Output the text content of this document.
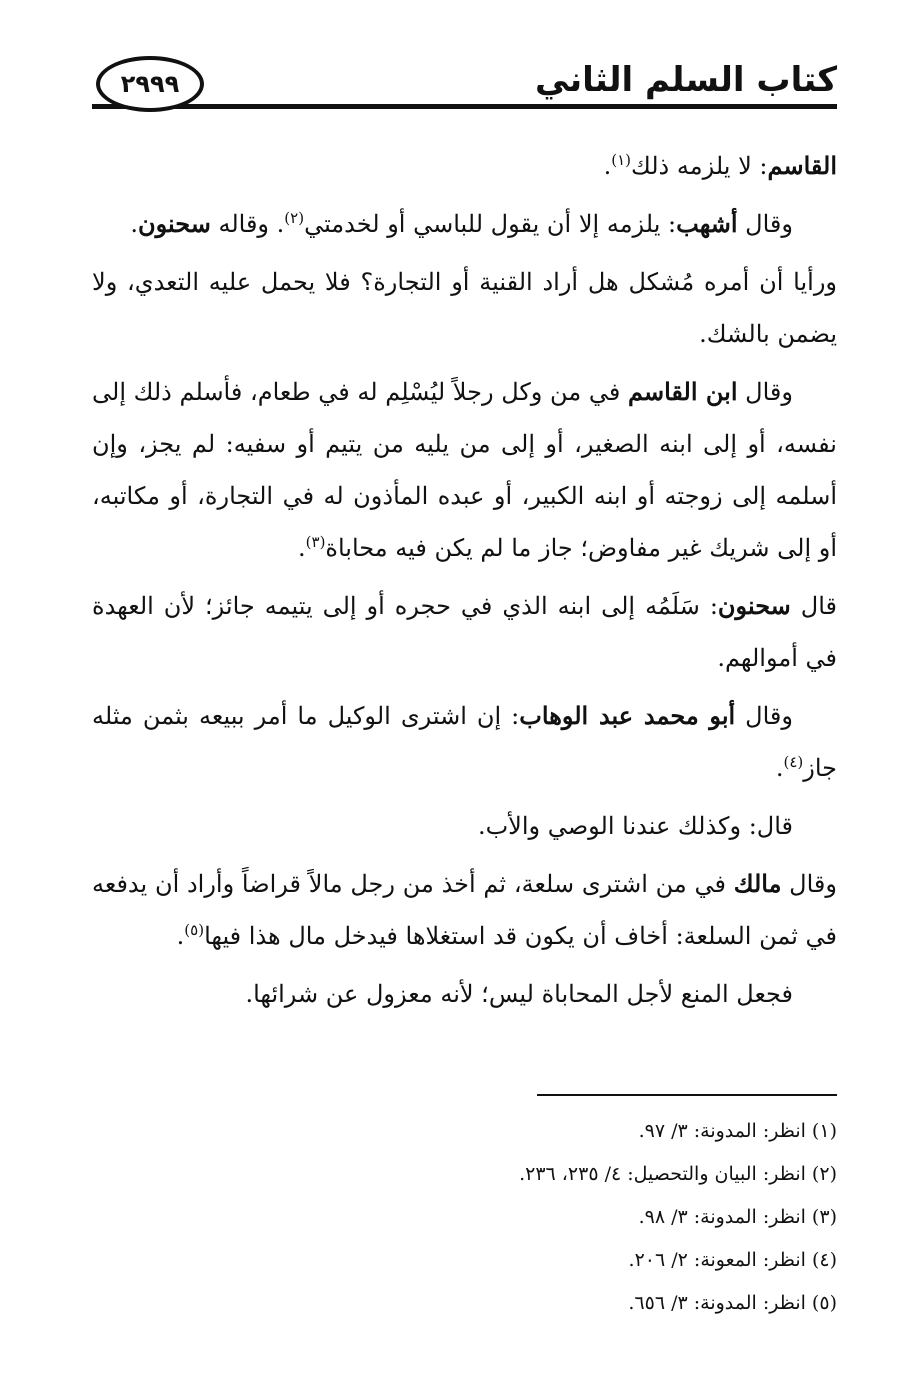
كتاب السلم الثاني
٢٩٩٩

القاسم: لا يلزمه ذلك$^{(١)}$.

وقال أشهب: يلزمه إلا أن يقول للباسي أو لخدمتي$^{(٢)}$. وقاله سحنون.

ورأيا أن أمره مُشكل هل أراد القنية أو التجارة؟ فلا يحمل عليه التعدي، ولا يضمن بالشك.

وقال ابن القاسم في من وكل رجلاً ليُسْلِم له في طعام، فأسلم ذلك إلى نفسه، أو إلى ابنه الصغير، أو إلى من يليه من يتيم أو سفيه: لم يجز، وإن أسلمه إلى زوجته أو ابنه الكبير، أو عبده المأذون له في التجارة، أو مكاتبه، أو إلى شريك غير مفاوض؛ جاز ما لم يكن فيه محاباة$^{(٣)}$.

قال سحنون: سَلَمُه إلى ابنه الذي في حجره أو إلى يتيمه جائز؛ لأن العهدة في أموالهم.

وقال أبو محمد عبد الوهاب: إن اشترى الوكيل ما أمر ببيعه بثمن مثله جاز$^{(٤)}$.

قال: وكذلك عندنا الوصي والأب.

وقال مالك في من اشترى سلعة، ثم أخذ من رجل مالاً قراضاً وأراد أن يدفعه في ثمن السلعة: أخاف أن يكون قد استغلاها فيدخل مال هذا فيها$^{(٥)}$.

فجعل المنع لأجل المحاباة ليس؛ لأنه معزول عن شرائها.

(١) انظر: المدونة: ٣/ ٩٧.

(٢) انظر: البيان والتحصيل: ٤/ ٢٣٥، ٢٣٦.

(٣) انظر: المدونة: ٣/ ٩٨.

(٤) انظر: المعونة: ٢/ ٢٠٦.

(٥) انظر: المدونة: ٣/ ٦٥٦.
